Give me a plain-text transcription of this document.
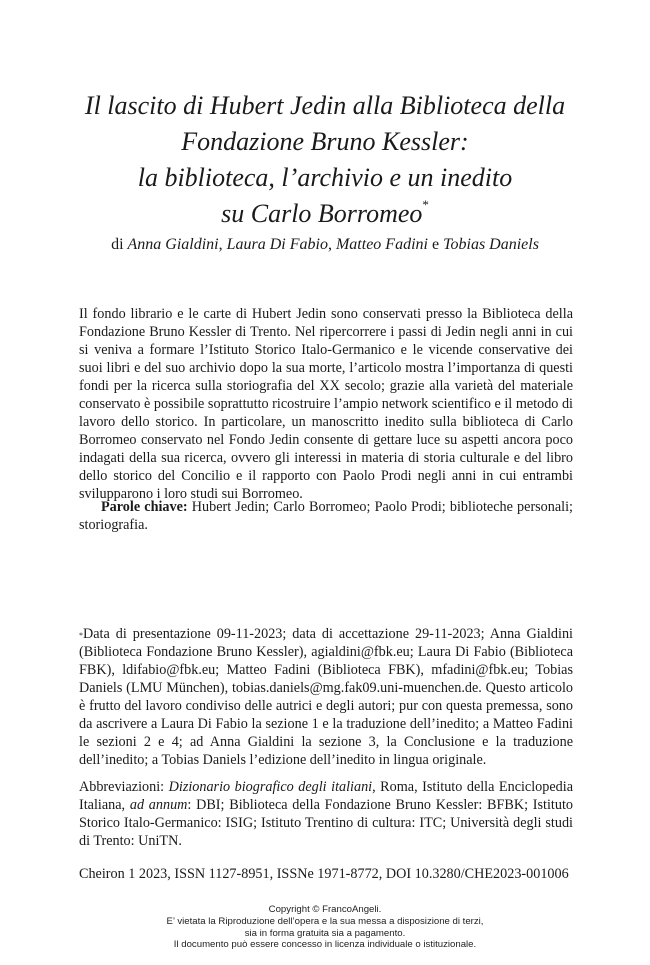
Il lascito di Hubert Jedin alla Biblioteca della
Fondazione Bruno Kessler:
la biblioteca, l’archivio e un inedito
su Carlo Borromeo*
di Anna Gialdini, Laura Di Fabio, Matteo Fadini e Tobias Daniels

Il fondo librario e le carte di Hubert Jedin sono conservati presso la Biblioteca della Fondazione Bruno Kessler di Trento. Nel ripercorrere i passi di Jedin negli anni in cui si veniva a formare l’Istituto Storico Italo-Germanico e le vicende conservative dei suoi libri e del suo archivio dopo la sua morte, l’articolo mostra l’importanza di questi fondi per la ricerca sulla storiografia del XX secolo; grazie alla varietà del materiale conservato è possibile soprattutto ricostruire l’ampio network scientifico e il metodo di lavoro dello storico. In particolare, un manoscritto inedito sulla biblioteca di Carlo Borromeo conservato nel Fondo Jedin consente di gettare luce su aspetti ancora poco indagati della sua ricerca, ovvero gli interessi in materia di storia culturale e del libro dello storico del Concilio e il rapporto con Paolo Prodi negli anni in cui entrambi svilupparono i loro studi sui Borromeo.

Parole chiave: Hubert Jedin; Carlo Borromeo; Paolo Prodi; biblioteche personali; storiografia.

*Data di presentazione 09-11-2023; data di accettazione 29-11-2023; Anna Gialdini (Biblioteca Fondazione Bruno Kessler), agialdini@fbk.eu; Laura Di Fabio (Biblioteca FBK), ldifabio@fbk.eu; Matteo Fadini (Biblioteca FBK), mfadini@fbk.eu; Tobias Daniels (LMU München), tobias.daniels@mg.fak09.uni-muenchen.de. Questo articolo è frutto del lavoro condiviso delle autrici e degli autori; pur con questa premessa, sono da ascrivere a Laura Di Fabio la sezione 1 e la traduzione dell’inedito; a Matteo Fadini le sezioni 2 e 4; ad Anna Gialdini la sezione 3, la Conclusione e la traduzione dell’inedito; a Tobias Daniels l’edizione dell’inedito in lingua originale.

Abbreviazioni: Dizionario biografico degli italiani, Roma, Istituto della Enciclopedia Italiana, ad annum: DBI; Biblioteca della Fondazione Bruno Kessler: BFBK; Istituto Storico Italo-Germanico: ISIG; Istituto Trentino di cultura: ITC; Università degli studi di Trento: UniTN.

Cheiron 1 2023, ISSN 1127-8951, ISSNe 1971-8772, DOI 10.3280/CHE2023-001006

Copyright © FrancoAngeli.
E’ vietata la Riproduzione dell’opera e la sua messa a disposizione di terzi,
sia in forma gratuita sia a pagamento.
Il documento può essere concesso in licenza individuale o istituzionale.
